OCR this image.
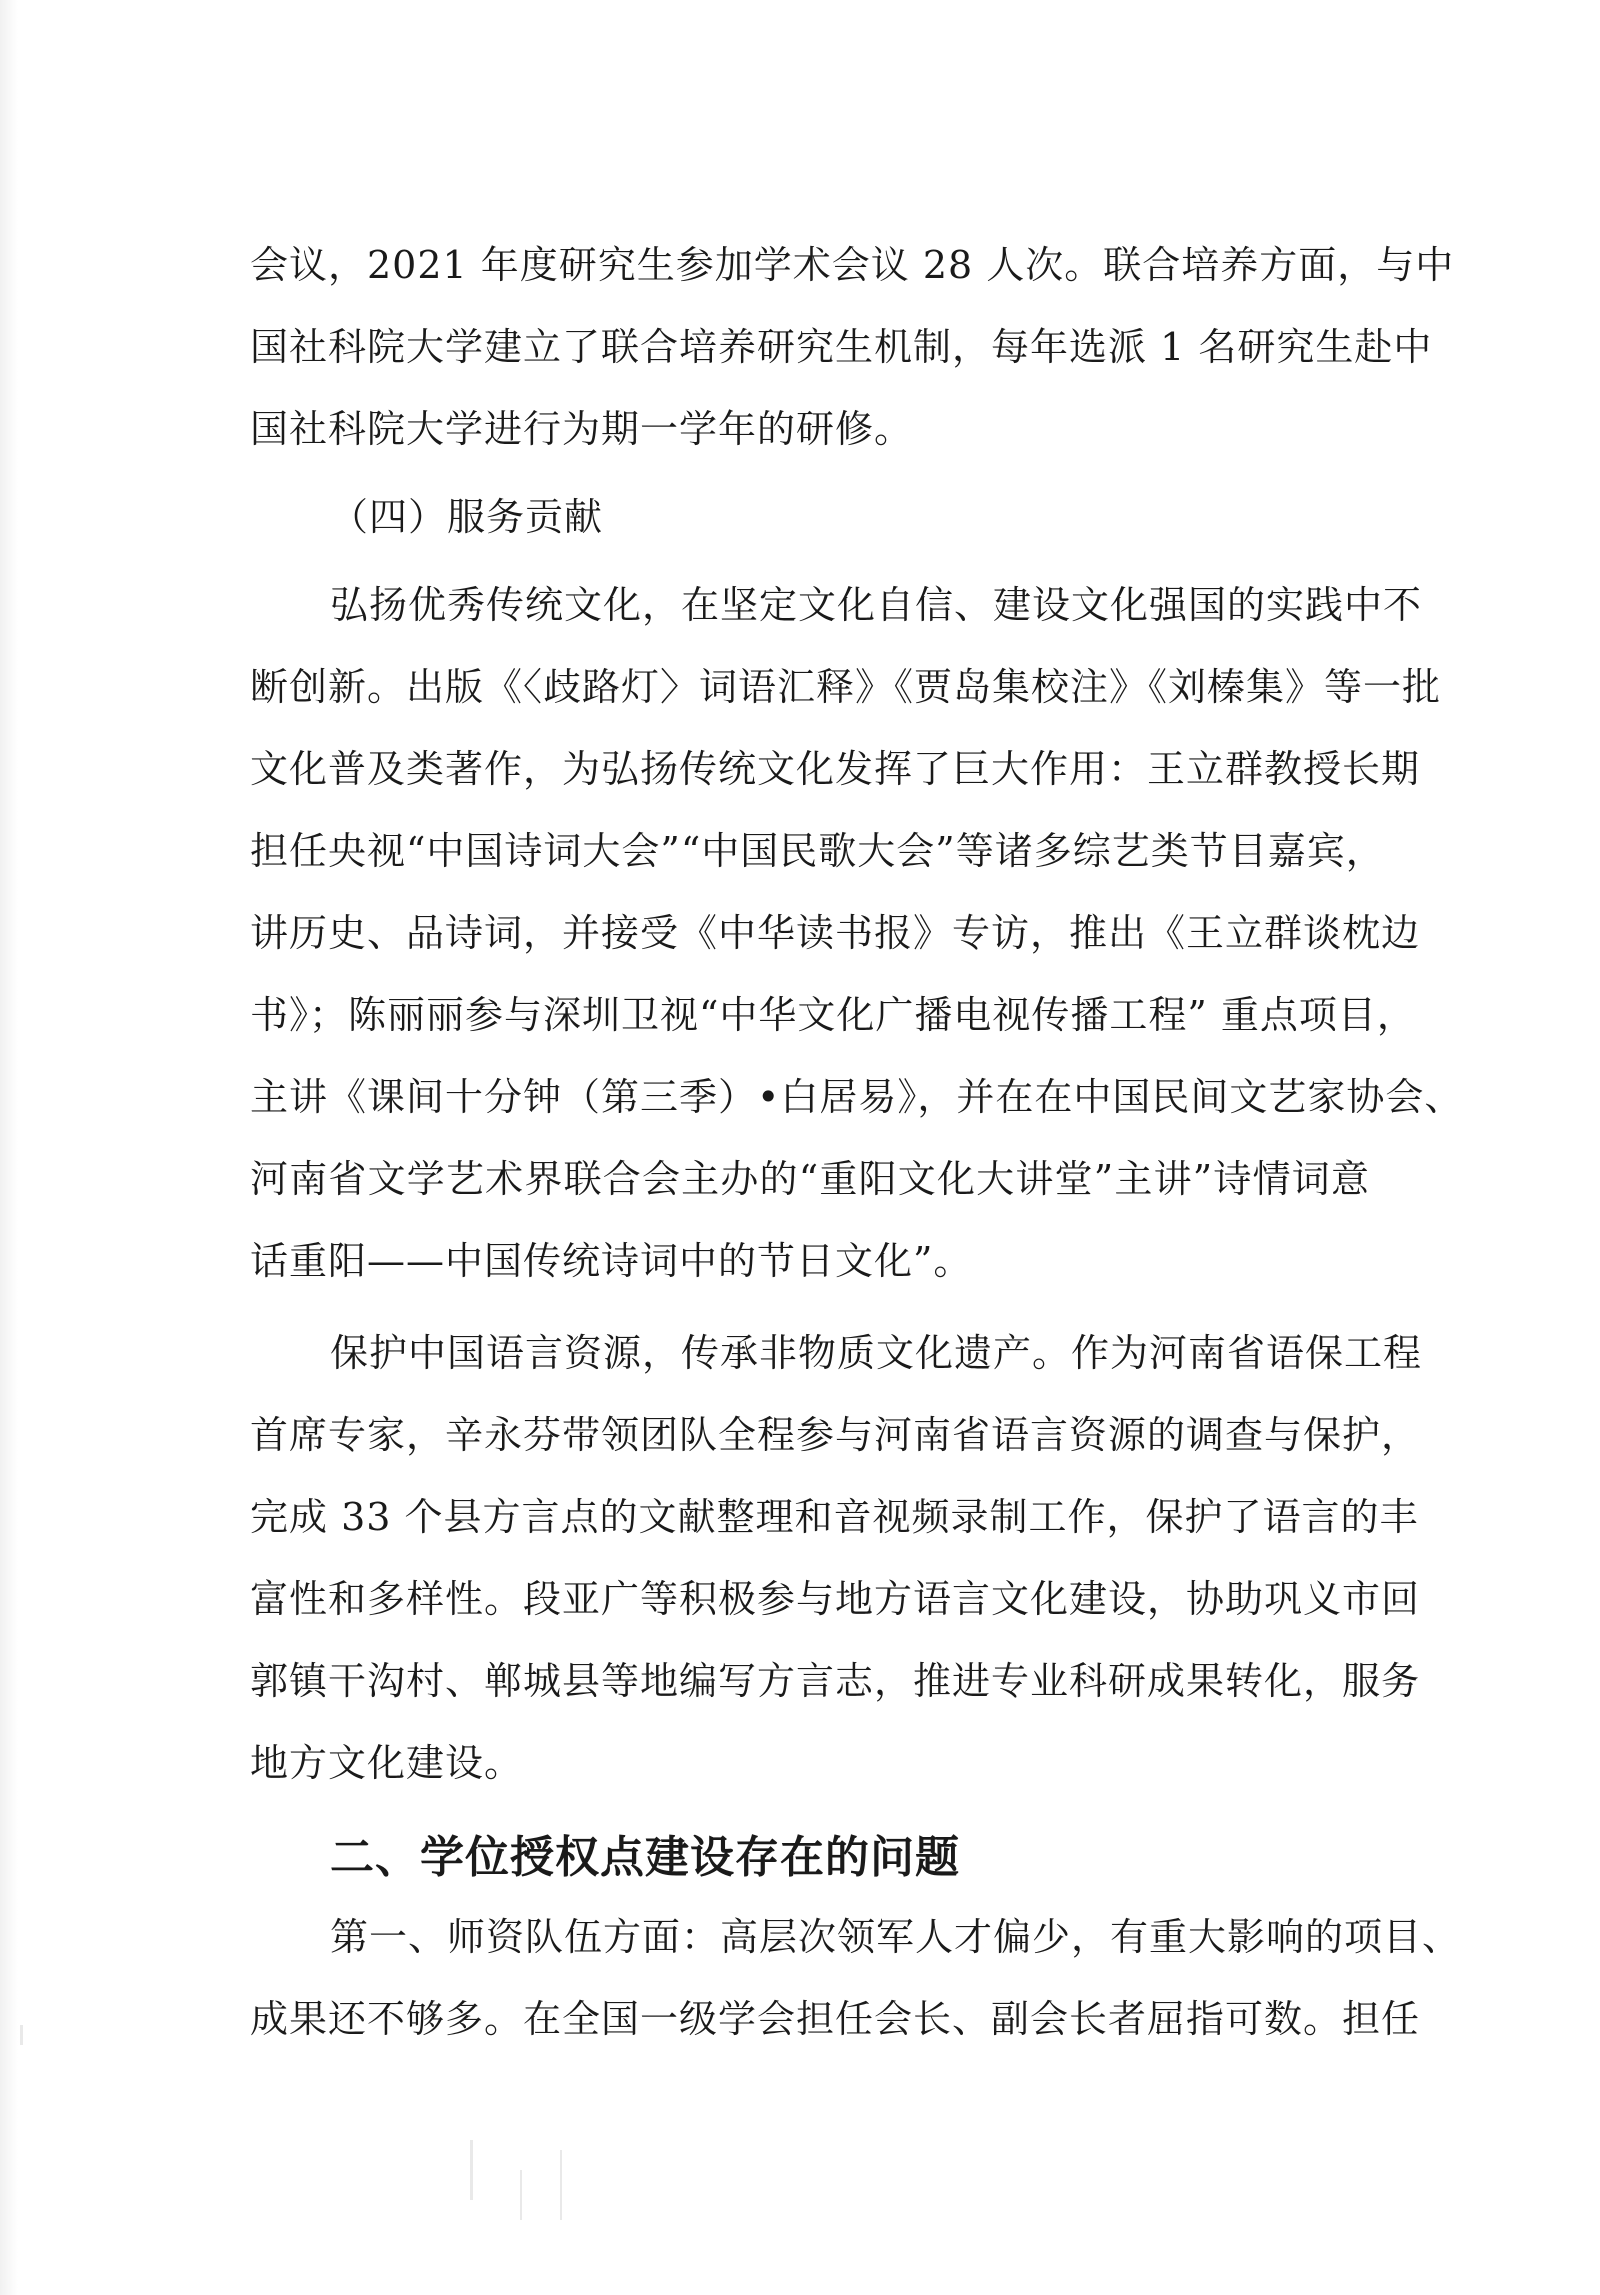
会议，2021 年度研究生参加学术会议 28 人次。联合培养方面，与中
国社科院大学建立了联合培养研究生机制，每年选派 1 名研究生赴中
国社科院大学进行为期一学年的研修。
（四）服务贡献
弘扬优秀传统文化，在坚定文化自信、建设文化强国的实践中不
断创新。出版《〈歧路灯〉词语汇释》《贾岛集校注》《刘榛集》等一批
文化普及类著作，为弘扬传统文化发挥了巨大作用：王立群教授长期
担任央视“中国诗词大会”“中国民歌大会”等诸多综艺类节目嘉宾，
讲历史、品诗词，并接受《中华读书报》专访，推出《王立群谈枕边
书》；陈丽丽参与深圳卫视“中华文化广播电视传播工程” 重点项目，
主讲《课间十分钟（第三季）•白居易》，并在在中国民间文艺家协会、
河南省文学艺术界联合会主办的“重阳文化大讲堂”主讲”诗情词意
话重阳——中国传统诗词中的节日文化”。
保护中国语言资源，传承非物质文化遗产。作为河南省语保工程
首席专家，辛永芬带领团队全程参与河南省语言资源的调查与保护，
完成 33 个县方言点的文献整理和音视频录制工作，保护了语言的丰
富性和多样性。段亚广等积极参与地方语言文化建设，协助巩义市回
郭镇干沟村、郸城县等地编写方言志，推进专业科研成果转化，服务
地方文化建设。
二、学位授权点建设存在的问题
第一、师资队伍方面：高层次领军人才偏少，有重大影响的项目、
成果还不够多。在全国一级学会担任会长、副会长者屈指可数。担任
